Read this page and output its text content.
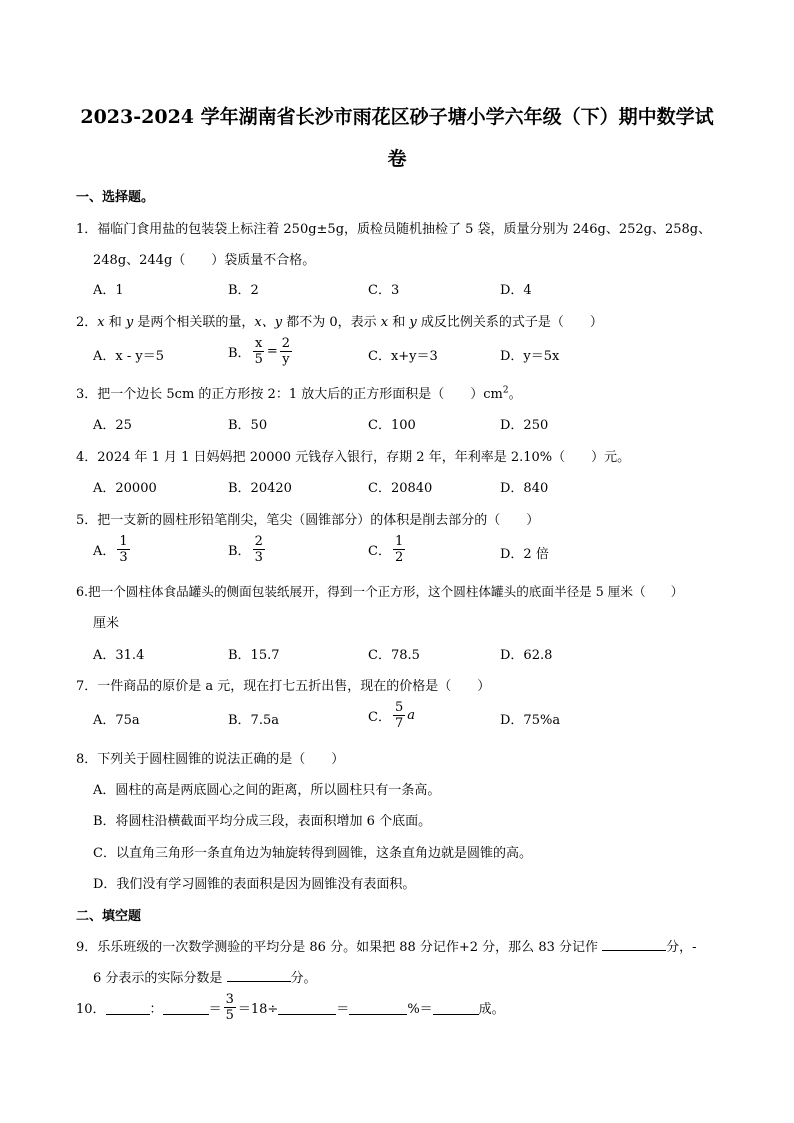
2023-2024 学年湖南省长沙市雨花区砂子塘小学六年级（下）期中数学试
卷
一、选择题。
1．福临门食用盐的包装袋上标注着 250g±5g，质检员随机抽检了 5 袋，质量分别为 246g、252g、258g、
248g、244g（　　）袋质量不合格。
A．1	B．2	C．3	D．4
2．x 和 y 是两个相关联的量，x、y 都不为 0，表示 x 和 y 成反比例关系的式子是（　　）
A．x - y＝5	B． $\frac{x}{5} = \frac{2}{y}$	C．x+y＝3	D．y＝5x
3．把一个边长 5cm 的正方形按 2：1 放大后的正方形面积是（　　）$cm^2$。
A．25	B．50	C．100	D．250
4．2024 年 1 月 1 日妈妈把 20000 元钱存入银行，存期 2 年，年利率是 2.10%（　　）元。
A．20000	B．20420	C．20840	D．840
5．把一支新的圆柱形铅笔削尖，笔尖（圆锥部分）的体积是削去部分的（　　）
A． $\frac{1}{3}$	B． $\frac{2}{3}$	C． $\frac{1}{2}$	D．2 倍
6.把一个圆柱体食品罐头的侧面包装纸展开，得到一个正方形，这个圆柱体罐头的底面半径是 5 厘米（　　）
厘米
A．31.4	B．15.7	C．78.5	D．62.8
7．一件商品的原价是 a 元，现在打七五折出售，现在的价格是（　　）
A．75a	B．7.5a	C． $\frac{5}{7}$ a	D．75%a
8．下列关于圆柱圆锥的说法正确的是（　　）
A．圆柱的高是两底圆心之间的距离，所以圆柱只有一条高。
B．将圆柱沿横截面平均分成三段，表面积增加 6 个底面。
C．以直角三角形一条直角边为轴旋转得到圆锥，这条直角边就是圆锥的高。
D．我们没有学习圆锥的表面积是因为圆锥没有表面积。
二、填空题
9．乐乐班级的一次数学测验的平均分是 86 分。如果把 88 分记作+2 分，那么 83 分记作	分，-
6 分表示的实际分数是	分。
10．	：	＝ $\frac{3}{5} =18\div$	＝	%＝	成。
